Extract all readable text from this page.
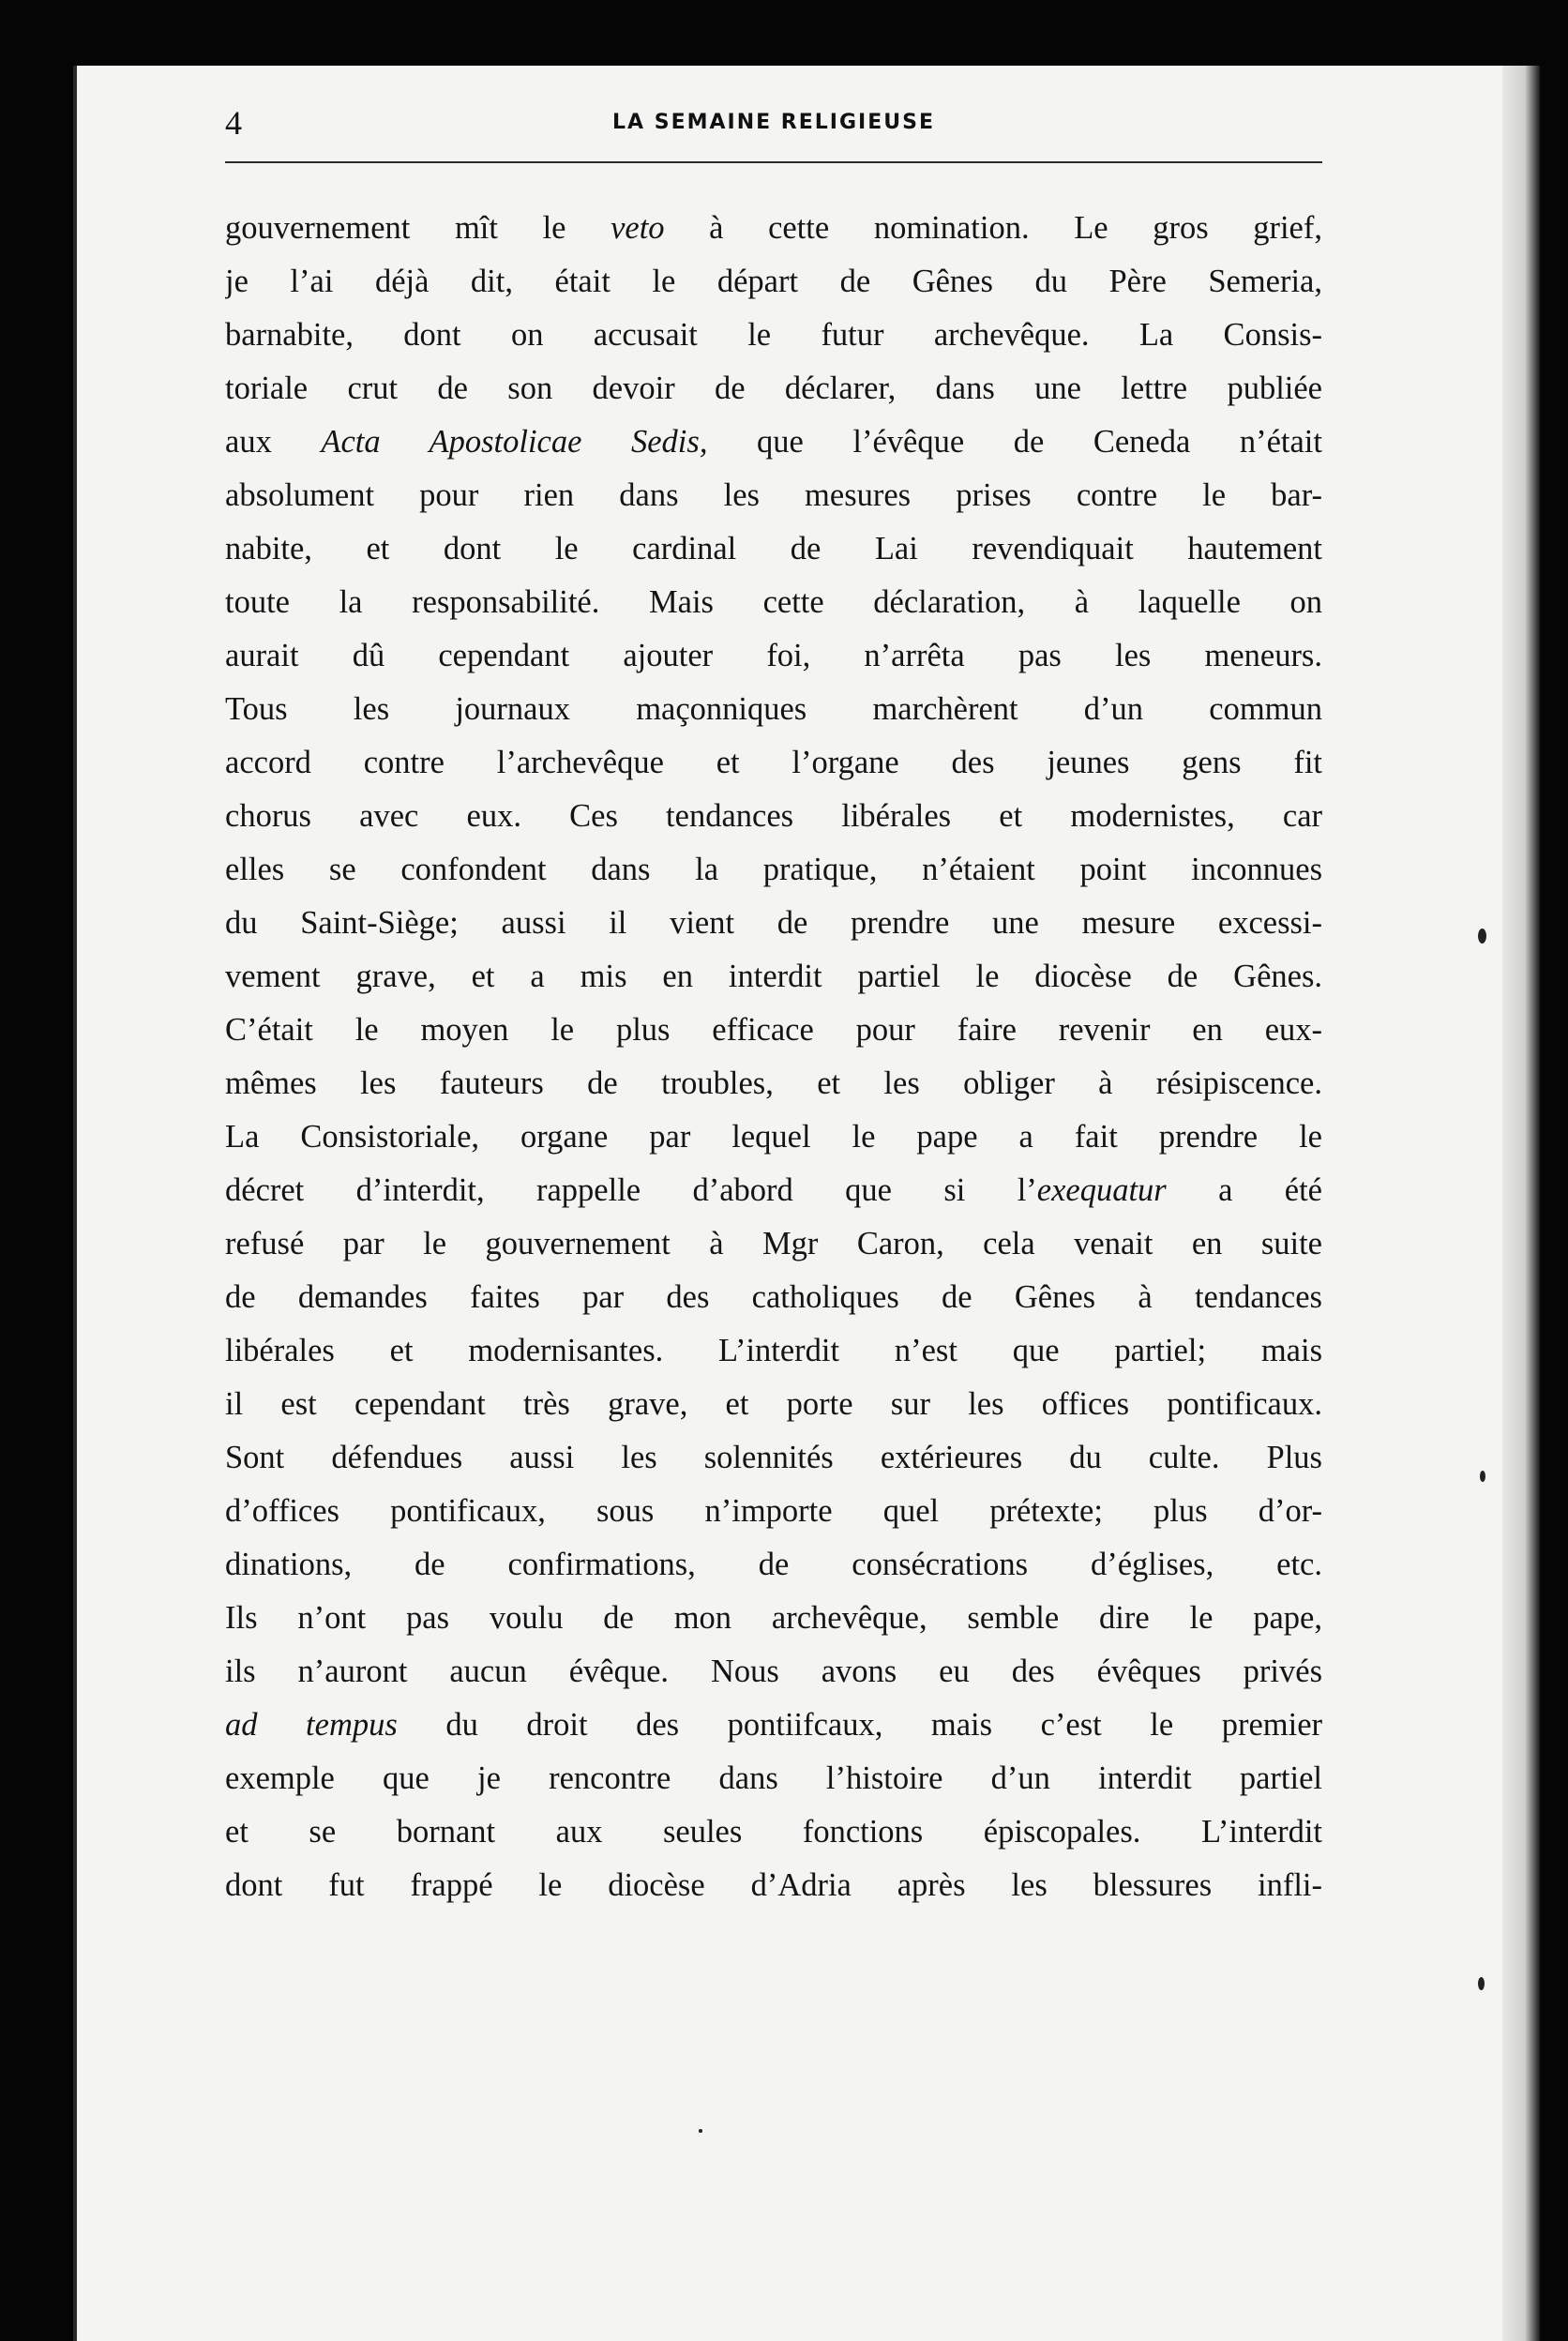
4	LA SEMAINE RELIGIEUSE
gouvernement mît le veto à cette nomination. Le gros grief,
je l’ai déjà dit, était le départ de Gênes du Père Semeria,
barnabite, dont on accusait le futur archevêque. La Consis-
toriale crut de son devoir de déclarer, dans une lettre publiée
aux Acta Apostolicae Sedis, que l’évêque de Ceneda n’était
absolument pour rien dans les mesures prises contre le bar-
nabite, et dont le cardinal de Lai revendiquait hautement
toute la responsabilité. Mais cette déclaration, à laquelle on
aurait dû cependant ajouter foi, n’arrêta pas les meneurs.
Tous les journaux maçonniques marchèrent d’un commun
accord contre l’archevêque et l’organe des jeunes gens fit
chorus avec eux. Ces tendances libérales et modernistes, car
elles se confondent dans la pratique, n’étaient point inconnues
du Saint-Siège; aussi il vient de prendre une mesure excessi-
vement grave, et a mis en interdit partiel le diocèse de Gênes.
C’était le moyen le plus efficace pour faire revenir en eux-
mêmes les fauteurs de troubles, et les obliger à résipiscence.
La Consistoriale, organe par lequel le pape a fait prendre le
décret d’interdit, rappelle d’abord que si l’exequatur a été
refusé par le gouvernement à Mgr Caron, cela venait en suite
de demandes faites par des catholiques de Gênes à tendances
libérales et modernisantes. L’interdit n’est que partiel; mais
il est cependant très grave, et porte sur les offices pontificaux.
Sont défendues aussi les solennités extérieures du culte. Plus
d’offices pontificaux, sous n’importe quel prétexte; plus d’or-
dinations, de confirmations, de consécrations d’églises, etc.
Ils n’ont pas voulu de mon archevêque, semble dire le pape,
ils n’auront aucun évêque. Nous avons eu des évêques privés
ad tempus du droit des pontiifcaux, mais c’est le premier
exemple que je rencontre dans l’histoire d’un interdit partiel
et se bornant aux seules fonctions épiscopales. L’interdit
dont fut frappé le diocèse d’Adria après les blessures infli-
